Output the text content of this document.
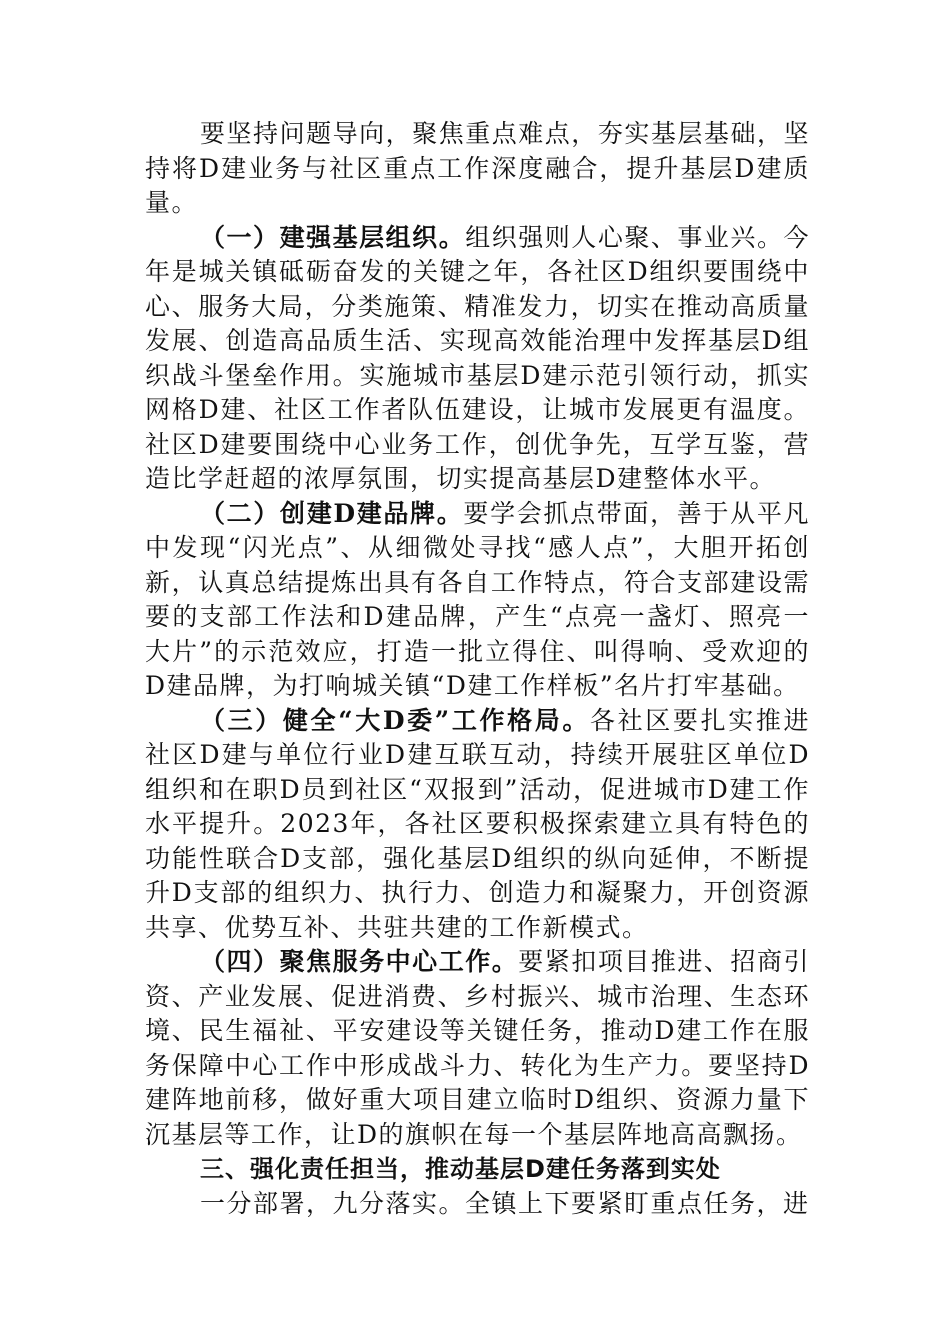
要坚持问题导向，聚焦重点难点，夯实基层基础，坚持将D建业务与社区重点工作深度融合，提升基层D建质量。

（一）建强基层组织。组织强则人心聚、事业兴。今年是城关镇砥砺奋发的关键之年，各社区D组织要围绕中心、服务大局，分类施策、精准发力，切实在推动高质量发展、创造高品质生活、实现高效能治理中发挥基层D组织战斗堡垒作用。实施城市基层D建示范引领行动，抓实网格D建、社区工作者队伍建设，让城市发展更有温度。社区D建要围绕中心业务工作，创优争先，互学互鉴，营造比学赶超的浓厚氛围，切实提高基层D建整体水平。

（二）创建D建品牌。要学会抓点带面，善于从平凡中发现“闪光点”、从细微处寻找“感人点”，大胆开拓创新，认真总结提炼出具有各自工作特点，符合支部建设需要的支部工作法和D建品牌，产生“点亮一盏灯、照亮一大片”的示范效应，打造一批立得住、叫得响、受欢迎的D建品牌，为打响城关镇“D建工作样板”名片打牢基础。

（三）健全“大D委”工作格局。各社区要扎实推进社区D建与单位行业D建互联互动，持续开展驻区单位D组织和在职D员到社区“双报到”活动，促进城市D建工作水平提升。2023年，各社区要积极探索建立具有特色的功能性联合D支部，强化基层D组织的纵向延伸，不断提升D支部的组织力、执行力、创造力和凝聚力，开创资源共享、优势互补、共驻共建的工作新模式。

（四）聚焦服务中心工作。要紧扣项目推进、招商引资、产业发展、促进消费、乡村振兴、城市治理、生态环境、民生福祉、平安建设等关键任务，推动D建工作在服务保障中心工作中形成战斗力、转化为生产力。要坚持D建阵地前移，做好重大项目建立临时D组织、资源力量下沉基层等工作，让D的旗帜在每一个基层阵地高高飘扬。

三、强化责任担当，推动基层D建任务落到实处

一分部署，九分落实。全镇上下要紧盯重点任务，进
